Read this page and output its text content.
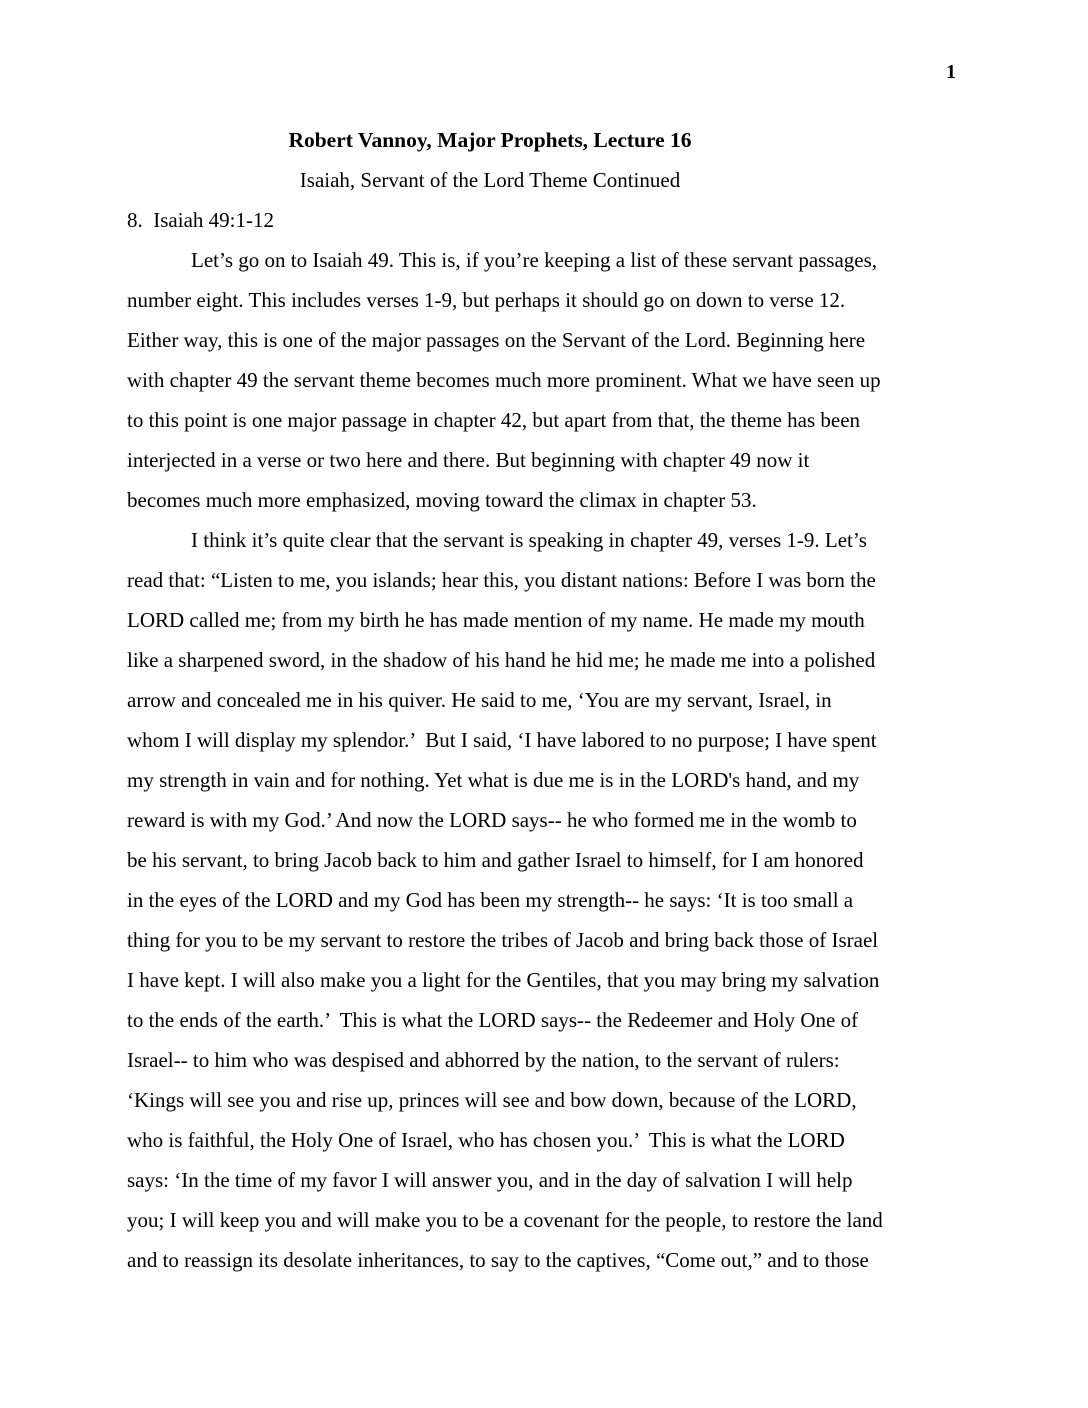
1
Robert Vannoy, Major Prophets, Lecture 16
Isaiah, Servant of the Lord Theme Continued
8.  Isaiah 49:1-12
Let’s go on to Isaiah 49. This is, if you’re keeping a list of these servant passages,
number eight. This includes verses 1-9, but perhaps it should go on down to verse 12.
Either way, this is one of the major passages on the Servant of the Lord. Beginning here
with chapter 49 the servant theme becomes much more prominent. What we have seen up
to this point is one major passage in chapter 42, but apart from that, the theme has been
interjected in a verse or two here and there. But beginning with chapter 49 now it
becomes much more emphasized, moving toward the climax in chapter 53.
I think it’s quite clear that the servant is speaking in chapter 49, verses 1-9. Let’s
read that: “Listen to me, you islands; hear this, you distant nations: Before I was born the
LORD called me; from my birth he has made mention of my name. He made my mouth
like a sharpened sword, in the shadow of his hand he hid me; he made me into a polished
arrow and concealed me in his quiver. He said to me, ‘You are my servant, Israel, in
whom I will display my splendor.’  But I said, ‘I have labored to no purpose; I have spent
my strength in vain and for nothing. Yet what is due me is in the LORD's hand, and my
reward is with my God.’ And now the LORD says-- he who formed me in the womb to
be his servant, to bring Jacob back to him and gather Israel to himself, for I am honored
in the eyes of the LORD and my God has been my strength-- he says: ‘It is too small a
thing for you to be my servant to restore the tribes of Jacob and bring back those of Israel
I have kept. I will also make you a light for the Gentiles, that you may bring my salvation
to the ends of the earth.’  This is what the LORD says-- the Redeemer and Holy One of
Israel-- to him who was despised and abhorred by the nation, to the servant of rulers:
‘Kings will see you and rise up, princes will see and bow down, because of the LORD,
who is faithful, the Holy One of Israel, who has chosen you.’  This is what the LORD
says: ‘In the time of my favor I will answer you, and in the day of salvation I will help
you; I will keep you and will make you to be a covenant for the people, to restore the land
and to reassign its desolate inheritances, to say to the captives, “Come out,” and to those
